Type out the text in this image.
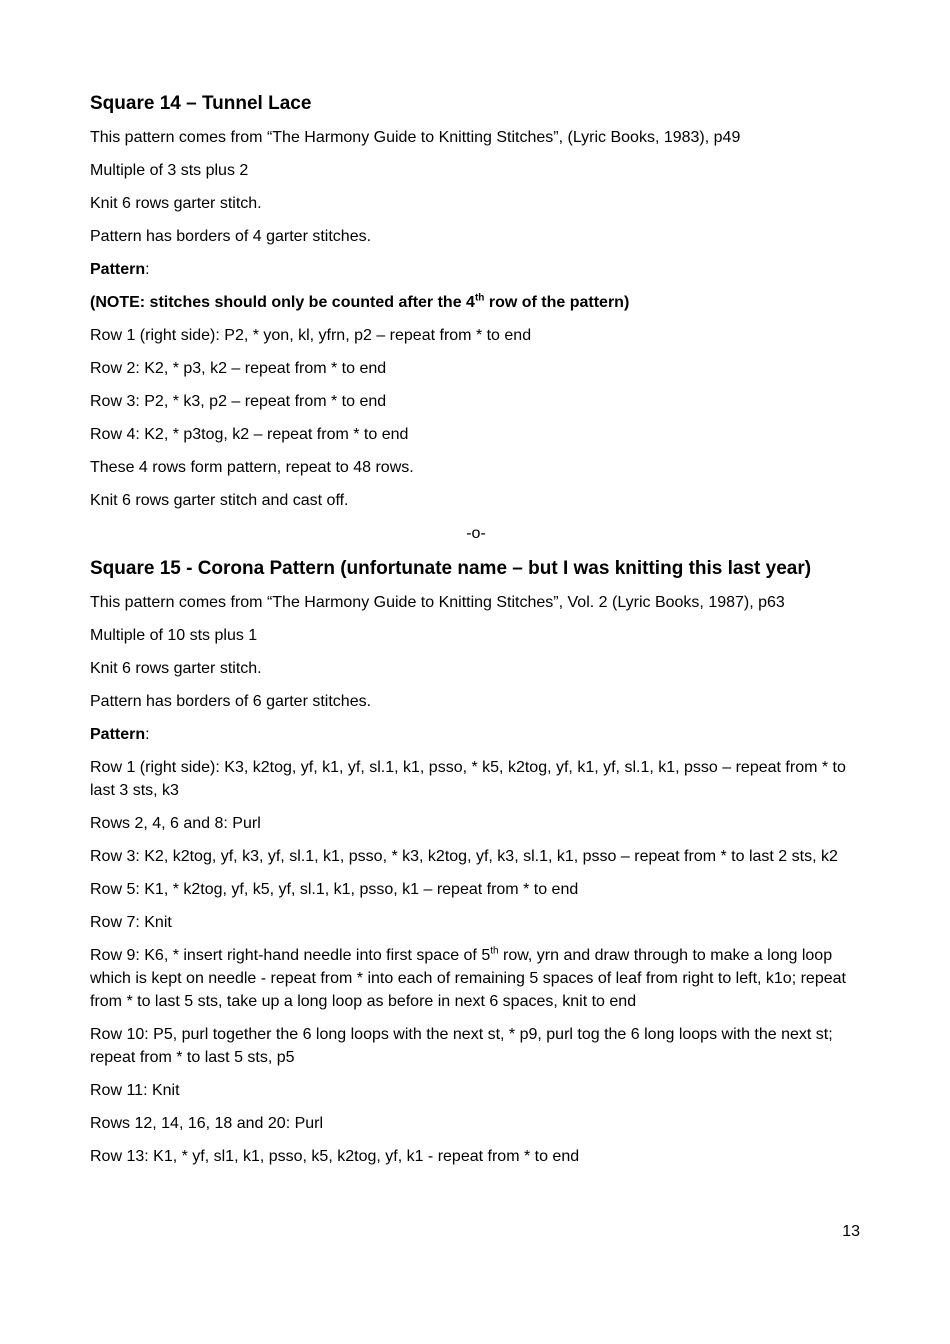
Square 14 – Tunnel Lace

This pattern comes from “The Harmony Guide to Knitting Stitches”, (Lyric Books, 1983), p49

Multiple of 3 sts plus 2

Knit 6 rows garter stitch.

Pattern has borders of 4 garter stitches.

Pattern:

(NOTE: stitches should only be counted after the 4th row of the pattern)

Row 1 (right side): P2, * yon, kl, yfrn, p2 – repeat from * to end

Row 2: K2, * p3, k2 – repeat from * to end

Row 3: P2, * k3, p2 – repeat from * to end

Row 4: K2, * p3tog, k2 – repeat from * to end

These 4 rows form pattern, repeat to 48 rows.

Knit 6 rows garter stitch and cast off.

-o-
Square 15 - Corona Pattern (unfortunate name – but I was knitting this last year)

This pattern comes from “The Harmony Guide to Knitting Stitches”, Vol. 2 (Lyric Books, 1987), p63

Multiple of 10 sts plus 1

Knit 6 rows garter stitch.

Pattern has borders of 6 garter stitches.

Pattern:

Row 1 (right side): K3, k2tog, yf, k1, yf, sl.1, k1, psso, * k5, k2tog, yf, k1, yf, sl.1, k1, psso – repeat from * to last 3 sts, k3

Rows 2, 4, 6 and 8: Purl

Row 3: K2, k2tog, yf, k3, yf, sl.1, k1, psso, * k3, k2tog, yf, k3, sl.1, k1, psso – repeat from * to last 2 sts, k2

Row 5: K1, * k2tog, yf, k5, yf, sl.1, k1, psso, k1 – repeat from * to end

Row 7: Knit

Row 9: K6, * insert right-hand needle into first space of 5th row, yrn and draw through to make a long loop which is kept on needle - repeat from * into each of remaining 5 spaces of leaf from right to left, k1o; repeat from * to last 5 sts, take up a long loop as before in next 6 spaces, knit to end

Row 10: P5, purl together the 6 long loops with the next st, * p9, purl tog the 6 long loops with the next st; repeat from * to last 5 sts, p5

Row 11: Knit

Rows 12, 14, 16, 18 and 20: Purl

Row 13: K1, * yf, sl1, k1, psso, k5, k2tog, yf, k1 - repeat from * to end

13
